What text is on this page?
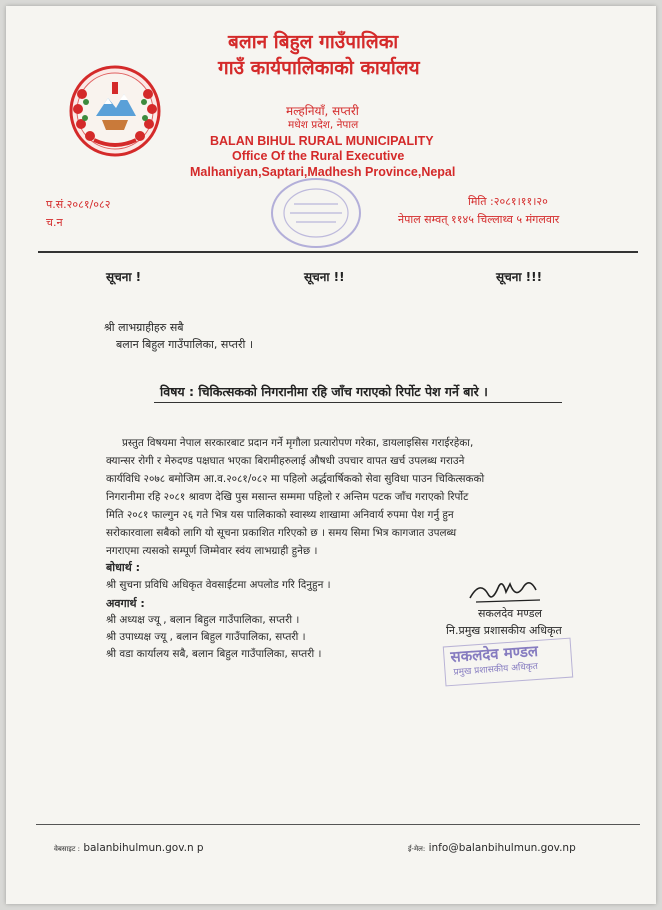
बलान बिहुल गाउँपालिका
गाउँ कार्यपालिकाको कार्यालय
मल्हनियाँ, सप्तरी
मधेश प्रदेश, नेपाल
BALAN BIHUL RURAL MUNICIPALITY
Office Of the Rural Executive
Malhaniyan,Saptari,Madhesh Province,Nepal
प.सं.२०८१/०८२
च.न
मिति :२०८१।११।२०
नेपाल सम्वत् ११४५ चिल्लाथ्व ५ मंगलवार
सूचना !	सूचना !!	सूचना !!!
श्री लाभग्राहीहरु सबै
बलान बिहुल गाउँपालिका, सप्तरी ।
विषय : चिकित्सकको निगरानीमा रहि जाँच गराएको रिर्पोट पेश गर्ने बारे ।
प्रस्तुत विषयमा नेपाल सरकारबाट प्रदान गर्ने मृगौला प्रत्यारोपण गरेका, डायलाइसिस गराईरहेका,
क्यान्सर रोगी र मेरुदण्ड पक्षघात भएका बिरामीहरुलाई औषधी उपचार वापत खर्च उपलब्ध गराउने
कार्यविधि २०७८ बमोजिम आ.व.२०८१/०८२ मा पहिलो अर्द्धवार्षिकको सेवा सुविधा पाउन चिकित्सकको
निगरानीमा रहि २०८१ श्रावण देखि पुस मसान्त सम्ममा पहिलो र अन्तिम पटक जाँच गराएको रिर्पोट
मिति २०८१ फाल्गुन २६ गते भित्र यस पालिकाको स्वास्थ्य शाखामा अनिवार्य रुपमा पेश गर्नु हुन
सरोकारवाला सबैको लागि यो सूचना प्रकाशित गरिएको छ । समय सिमा भित्र कागजात उपलब्ध
नगराएमा त्यसको सम्पूर्ण जिम्मेवार स्वंय लाभग्राही हुनेछ ।
बोधार्थ :
श्री सुचना प्रविधि अधिकृत वेवसाईटमा अपलोड गरि दिनुहुन ।
अवगार्थ :
श्री अध्यक्ष ज्यू , बलान बिहुल गाउँपालिका, सप्तरी ।
श्री उपाध्यक्ष ज्यू , बलान बिहुल गाउँपालिका, सप्तरी ।
श्री वडा कार्यालय सबै, बलान बिहुल गाउँपालिका, सप्तरी ।
सकलदेव मण्डल
नि.प्रमुख प्रशासकीय अधिकृत
सकलदेव मण्डल
प्रमुख प्रशासकीय अधिकृत
वेबसाइट : balanbihulmun.gov.n p	ई-मेल: info@balanbihulmun.gov.np
